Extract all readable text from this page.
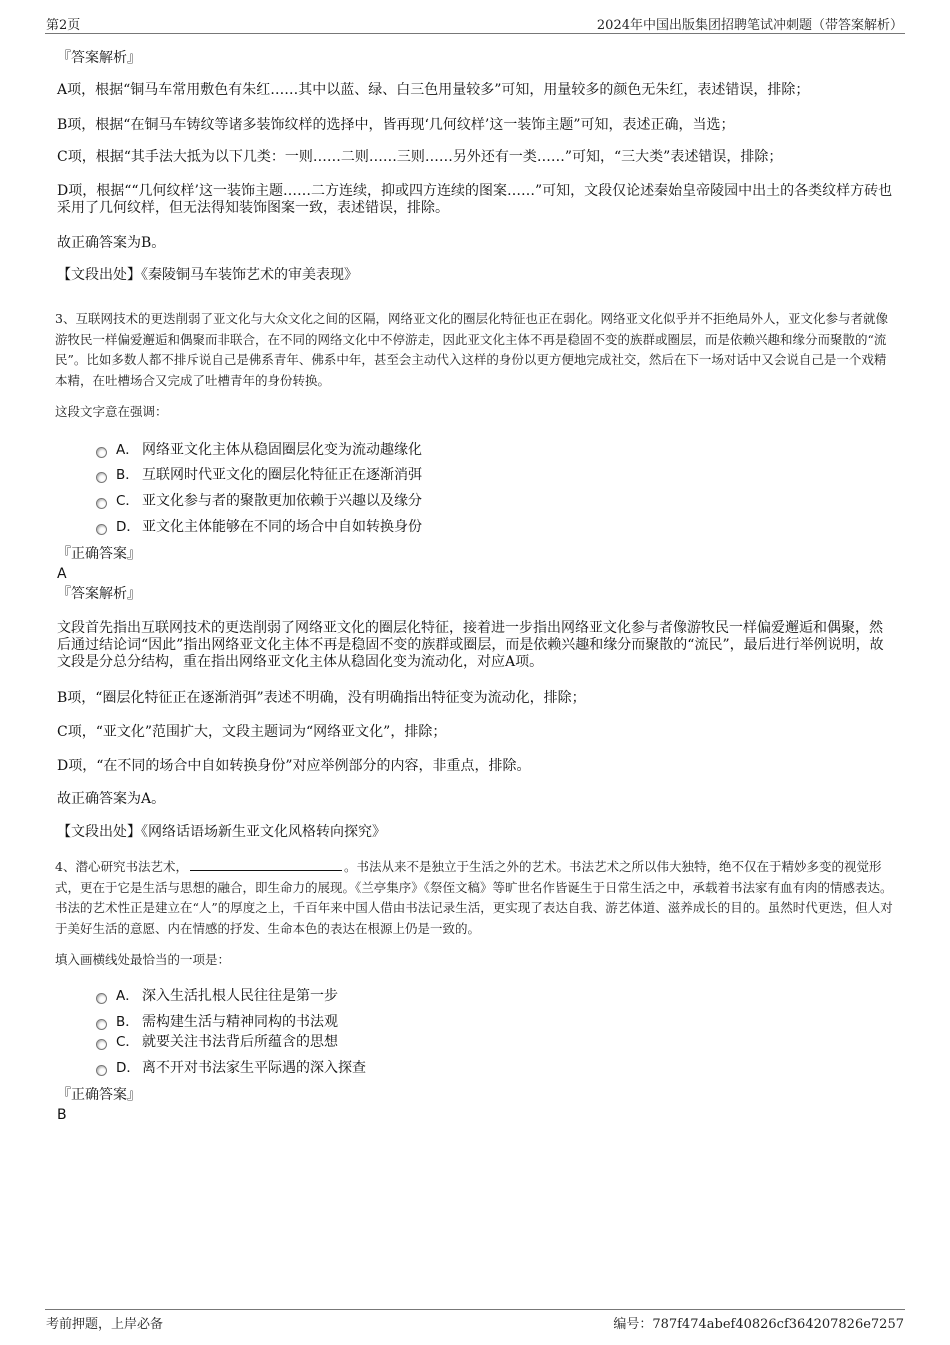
第2页	2024年中国出版集团招聘笔试冲刺题（带答案解析）

『答案解析』

A项，根据“铜马车常用敷色有朱红……其中以蓝、绿、白三色用量较多”可知，用量较多的颜色无朱红，表述错误，排除；

B项，根据“在铜马车铸纹等诸多装饰纹样的选择中，皆再现‘几何纹样’这一装饰主题”可知，表述正确，当选；

C项，根据“其手法大抵为以下几类：一则……二则……三则……另外还有一类……”可知，“三大类”表述错误，排除；

D项，根据““几何纹样’这一装饰主题……二方连续，抑或四方连续的图案……”可知，文段仅论述秦始皇帝陵园中出土的各类纹样方砖也采用了几何纹样，但无法得知装饰图案一致，表述错误，排除。

故正确答案为B。

【文段出处】《秦陵铜马车装饰艺术的审美表现》

3、互联网技术的更迭削弱了亚文化与大众文化之间的区隔，网络亚文化的圈层化特征也正在弱化。网络亚文化似乎并不拒绝局外人，亚文化参与者就像游牧民一样偏爱邂逅和偶聚而非联合，在不同的网络文化中不停游走，因此亚文化主体不再是稳固不变的族群或圈层，而是依赖兴趣和缘分而聚散的“流民”。比如多数人都不排斥说自己是佛系青年、佛系中年，甚至会主动代入这样的身份以更方便地完成社交，然后在下一场对话中又会说自己是一个戏精本精，在吐槽场合又完成了吐槽青年的身份转换。

这段文字意在强调：

A． 网络亚文化主体从稳固圈层化变为流动趣缘化
B． 互联网时代亚文化的圈层化特征正在逐渐消弭
C． 亚文化参与者的聚散更加依赖于兴趣以及缘分
D． 亚文化主体能够在不同的场合中自如转换身份

『正确答案』

A

『答案解析』

文段首先指出互联网技术的更迭削弱了网络亚文化的圈层化特征，接着进一步指出网络亚文化参与者像游牧民一样偏爱邂逅和偶聚，然后通过结论词“因此”指出网络亚文化主体不再是稳固不变的族群或圈层，而是依赖兴趣和缘分而聚散的“流民”，最后进行举例说明，故文段是分总分结构，重在指出网络亚文化主体从稳固化变为流动化，对应A项。

B项，“圈层化特征正在逐渐消弭”表述不明确，没有明确指出特征变为流动化，排除；

C项，“亚文化”范围扩大，文段主题词为“网络亚文化”，排除；

D项，“在不同的场合中自如转换身份”对应举例部分的内容，非重点，排除。

故正确答案为A。

【文段出处】《网络话语场新生亚文化风格转向探究》

4、潜心研究书法艺术，	。书法从来不是独立于生活之外的艺术。书法艺术之所以伟大独特，绝不仅在于精妙多变的视觉形式，更在于它是生活与思想的融合，即生命力的展现。《兰亭集序》《祭侄文稿》等旷世名作皆诞生于日常生活之中，承载着书法家有血有肉的情感表达。书法的艺术性正是建立在“人”的厚度之上，千百年来中国人借由书法记录生活，更实现了表达自我、游艺体道、滋养成长的目的。虽然时代更迭，但人对于美好生活的意愿、内在情感的抒发、生命本色的表达在根源上仍是一致的。

填入画横线处最恰当的一项是：

A． 深入生活扎根人民往往是第一步
B． 需构建生活与精神同构的书法观
C． 就要关注书法背后所蕴含的思想
D． 离不开对书法家生平际遇的深入探查

『正确答案』

B

考前押题，上岸必备	编号：787f474abef40826cf364207826e7257
